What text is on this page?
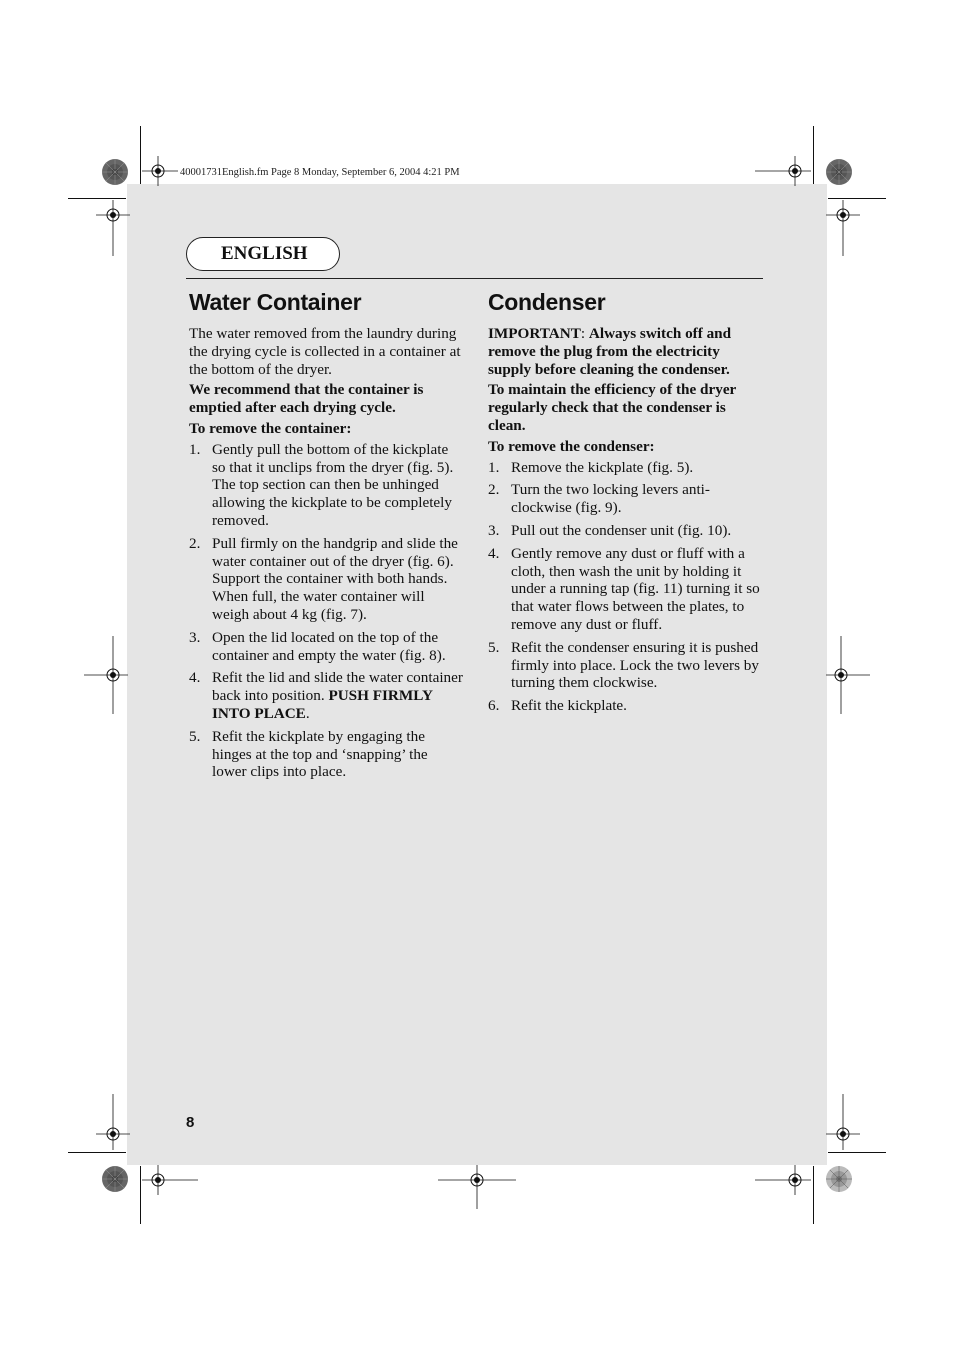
40001731English.fm Page 8 Monday, September 6, 2004 4:21 PM
ENGLISH
Water Container

The water removed from the laundry during the drying cycle is collected in a container at the bottom of the dryer.

We recommend that the container is emptied after each drying cycle.

To remove the container:

1. Gently pull the bottom of the kickplate so that it unclips from the dryer (fig. 5). The top section can then be unhinged allowing the kickplate to be completely removed.
2. Pull firmly on the handgrip and slide the water container out of the dryer (fig. 6). Support the container with both hands. When full, the water container will weigh about 4 kg (fig. 7).
3. Open the lid located on the top of the container and empty the water (fig. 8).
4. Refit the lid and slide the water container back into position. PUSH FIRMLY INTO PLACE.
5. Refit the kickplate by engaging the hinges at the top and ‘snapping’ the lower clips into place.
Condenser

IMPORTANT: Always switch off and remove the plug from the electricity supply before cleaning the condenser.

To maintain the efficiency of the dryer regularly check that the condenser is clean.

To remove the condenser:

1. Remove the kickplate (fig. 5).
2. Turn the two locking levers anti-clockwise (fig. 9).
3. Pull out the condenser unit (fig. 10).
4. Gently remove any dust or fluff with a cloth, then wash the unit by holding it under a running tap (fig. 11) turning it so that water flows between the plates, to remove any dust or fluff.
5. Refit the condenser ensuring it is pushed firmly into place. Lock the two levers by turning them clockwise.
6. Refit the kickplate.
8
